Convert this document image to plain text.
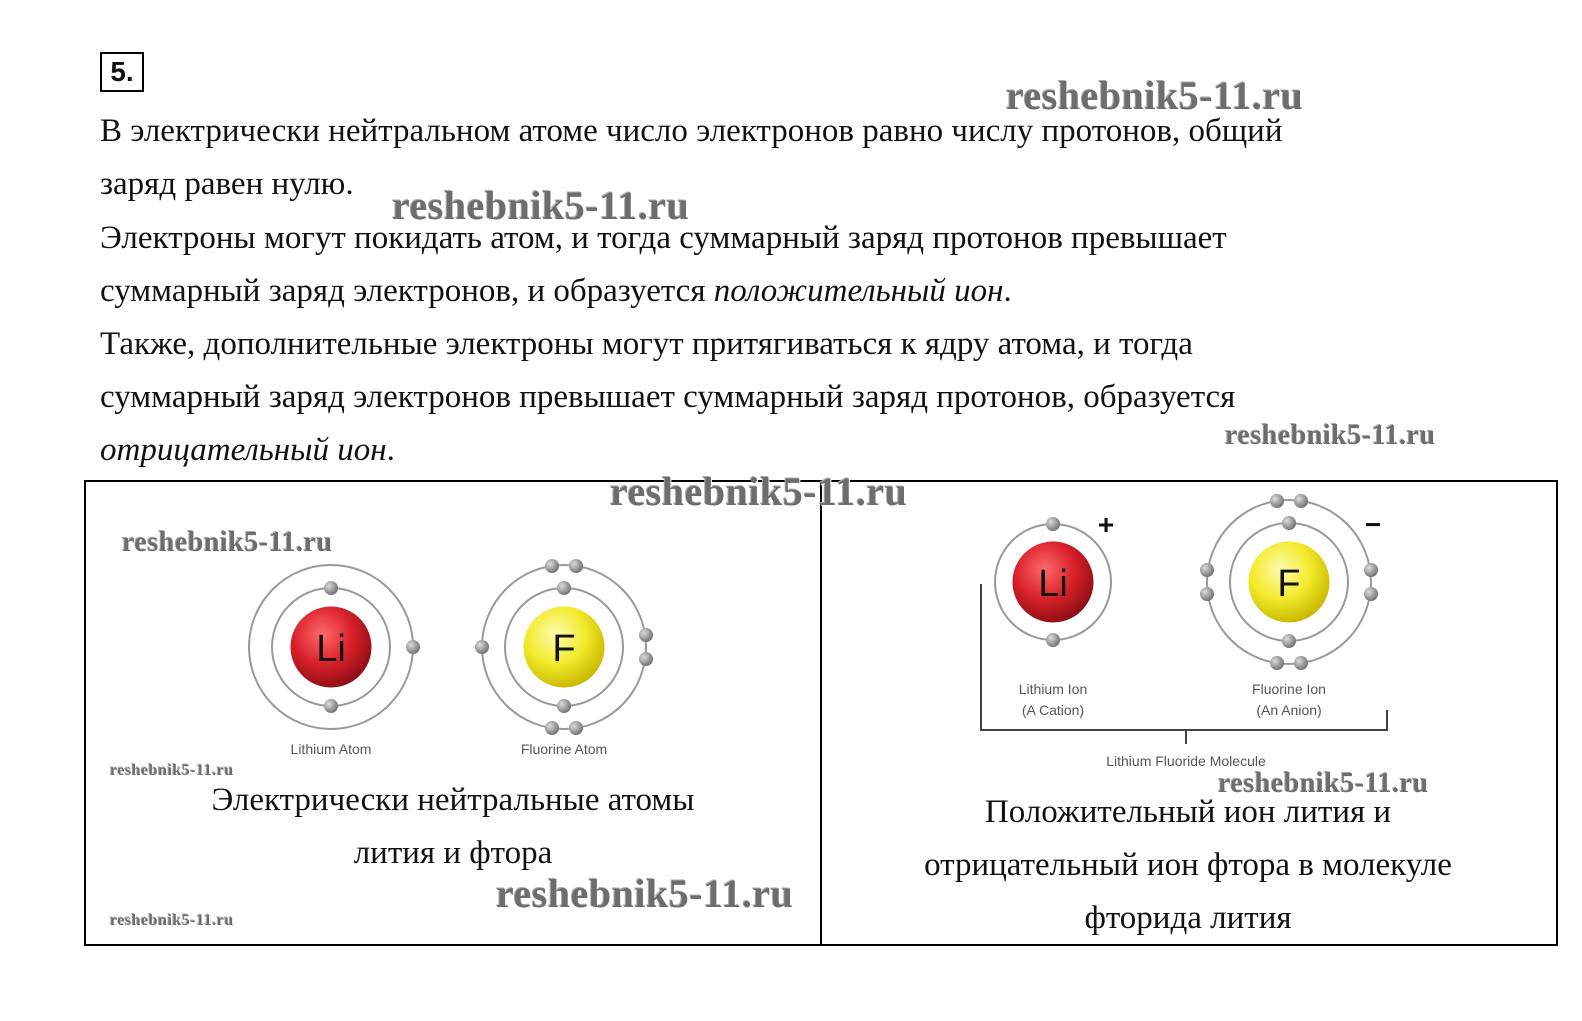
5.
В электрически нейтральном атоме число электронов равно числу протонов, общий
заряд равен нулю.
Электроны могут покидать атом, и тогда суммарный заряд протонов превышает
суммарный заряд электронов, и образуется положительный ион.
Также, дополнительные электроны могут притягиваться к ядру атома, и тогда
суммарный заряд электронов превышает суммарный заряд протонов, образуется
отрицательный ион.
Li
Lithium Atom
F
Fluorine Atom
Электрически нейтральные атомы
лития и фтора
Li
+
Lithium Ion
(A Cation)
F
−
Fluorine Ion
(An Anion)
Lithium Fluoride Molecule
Положительный ион лития и
отрицательный ион фтора в молекуле
фторида лития
reshebnik5-11.ru
reshebnik5-11.ru
reshebnik5-11.ru
reshebnik5-11.ru
reshebnik5-11.ru
reshebnik5-11.ru	reshebnik5-11.ru
reshebnik5-11.ru
reshebnik5-11.ru
